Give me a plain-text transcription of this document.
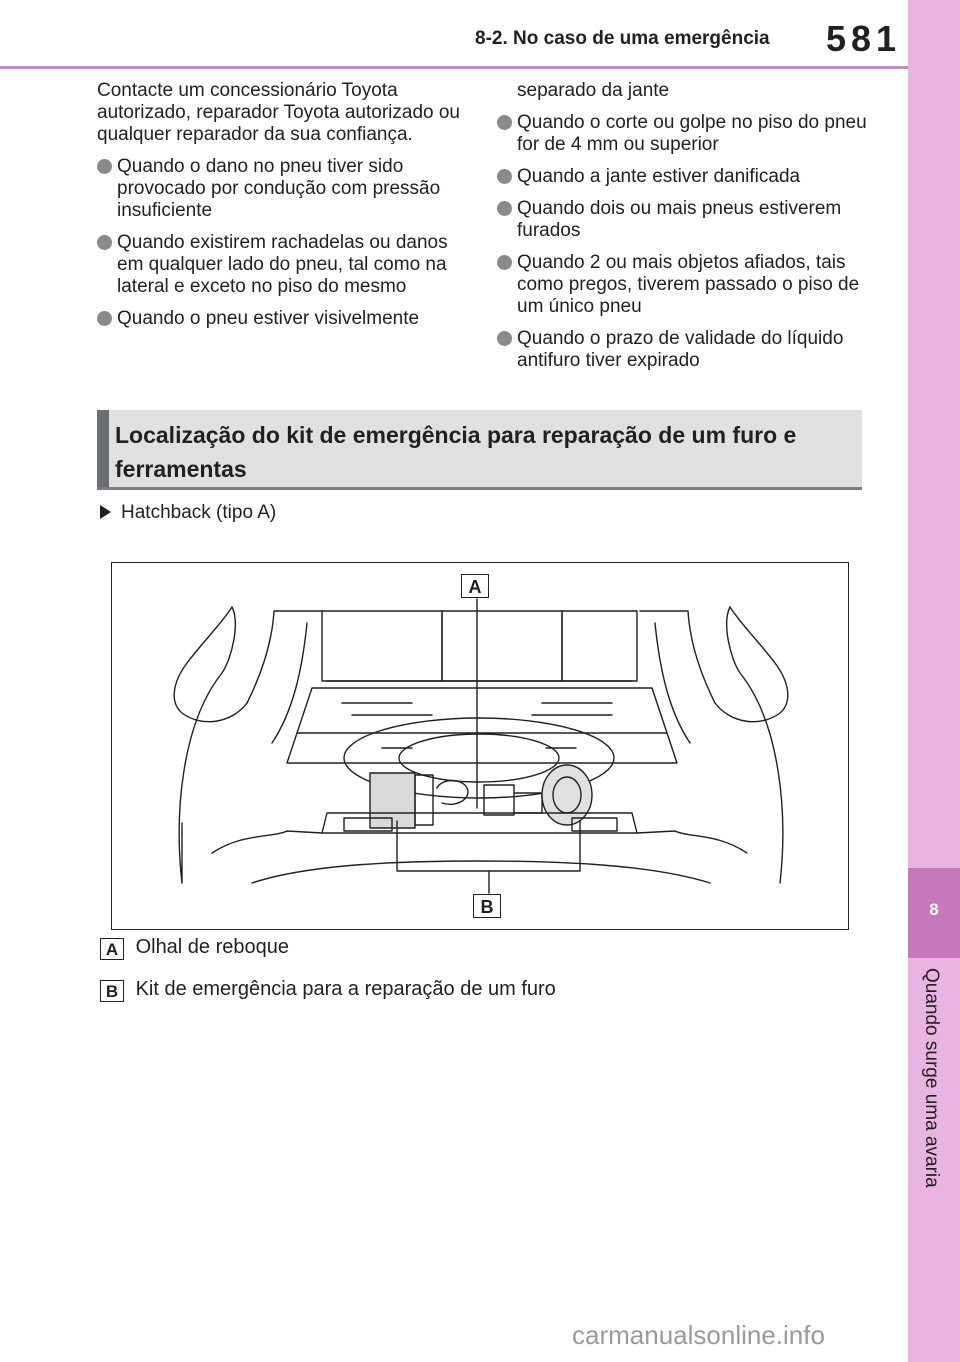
8-2. No caso de uma emergência 581
8
Quando surge uma avaria

Contacte um concessionário Toyota autorizado, reparador Toyota autorizado ou qualquer reparador da sua confiança.

Quando o dano no pneu tiver sido provocado por condução com pressão insuficiente
Quando existirem rachadelas ou danos em qualquer lado do pneu, tal como na lateral e exceto no piso do mesmo
Quando o pneu estiver visivelmente
separado da jante
Quando o corte ou golpe no piso do pneu for de 4 mm ou superior
Quando a jante estiver danificada
Quando dois ou mais pneus estiverem furados
Quando 2 ou mais objetos afiados, tais como pregos, tiverem passado o piso de um único pneu
Quando o prazo de validade do líquido antifuro tiver expirado
Localização do kit de emergência para reparação de um furo e ferramentas
Hatchback (tipo A)
A
B
A Olhal de reboque
B Kit de emergência para a reparação de um furo
carmanualsonline.info
